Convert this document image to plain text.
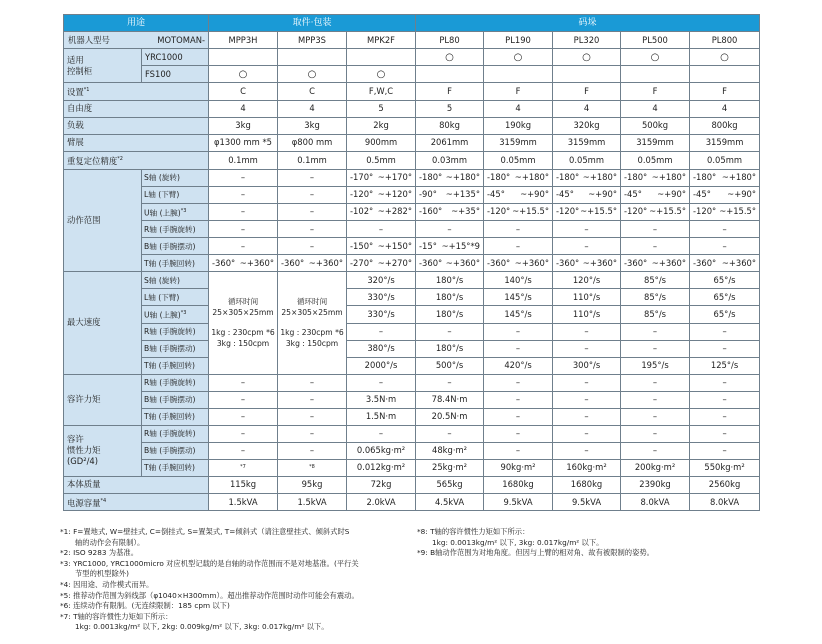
用途		取件·包装			码垛				

机器人型号 MOTOMAN-		MPP3H	MPP3S	MPK2F	PL80	PL190	PL320	PL500	PL800
适用
控制柜	YRC1000				○	○	○	○	○
	FS100	○	○	○					
设置$^{*1}$		C	C	F,W,C	F	F	F	F	F
自由度		4	4	5	5	4	4	4	4
负载		3kg	3kg	2kg	80kg	190kg	320kg	500kg	800kg
臂展		φ1300 mm *5	φ800 mm	900mm	2061mm	3159mm	3159mm	3159mm	3159mm
重复定位精度$^{*2}$		0.1mm	0.1mm	0.5mm	0.03mm	0.05mm	0.05mm	0.05mm	0.05mm
动作范围	S轴 (旋转)	–	–	-170° ~+170°	-180° ~+180°	-180° ~+180°	-180° ~+180°	-180° ~+180°	-180° ~+180°

	L轴 (下臂)	–	–	-120° ~+120°	-90° ~+135°	-45° ~+90°	-45° ~+90°	-45° ~+90°	-45° ~+90°

	U轴 (上腕)$^{*3}$	–	–	-102° ~+282°	-160° ~+35°	-120° ~+15.5°	-120° ~+15.5°	-120° ~+15.5°	-120° ~+15.5°

	R轴 (手腕旋转)	–	–	–	–	–	–	–	–
	B轴 (手腕摆动)	–	–	-150° ~+150°	-15° ~+15°*9	–	–	–	–
	T轴 (手腕回转)	-360° ~+360°	-360° ~+360°	-270° ~+270°	-360° ~+360°	-360° ~+360°	-360° ~+360°	-360° ~+360°	-360° ~+360°

最大速度	S轴 (旋转)	循环时间
25×305×25mm
1kg : 230cpm *6
3kg : 150cpm	循环时间
25×305×25mm
1kg : 230cpm *6
3kg : 150cpm	320°/s	180°/s	140°/s	120°/s	85°/s	65°/s
	L轴 (下臂)			330°/s	180°/s	145°/s	110°/s	85°/s	65°/s
	U轴 (上腕)$^{*3}$			330°/s	180°/s	145°/s	110°/s	85°/s	65°/s
	R轴 (手腕旋转)			–	–	–	–	–	–
	B轴 (手腕摆动)			380°/s	180°/s	–	–	–	–
	T轴 (手腕回转)			2000°/s	500°/s	420°/s	300°/s	195°/s	125°/s
容许力矩	R轴 (手腕旋转)	–	–	–	–	–	–	–	–
	B轴 (手腕摆动)	–	–	3.5N·m	78.4N·m	–	–	–	–
	T轴 (手腕回转)	–	–	1.5N·m	20.5N·m	–	–	–	–
容许
惯性力矩
(GD²/4)	R轴 (手腕旋转)	–	–	–	–	–	–	–	–
	B轴 (手腕摆动)	–	–	0.065kg·m²	48kg·m²	–	–	–	–
	T轴 (手腕回转)	*7	*8	0.012kg·m²	25kg·m²	90kg·m²	160kg·m²	200kg·m²	550kg·m²
本体质量		115kg	95kg	72kg	565kg	1680kg	1680kg	2390kg	2560kg
电源容量$^{*4}$		1.5kVA	1.5kVA	2.0kVA	4.5kVA	9.5kVA	9.5kVA	8.0kVA	8.0kVA
*1: F=置地式, W=壁挂式, C=倒挂式, S=置架式, T=倾斜式（请注意壁挂式、倾斜式时S
轴的动作会有限制）。
*2: ISO 9283 为基准。
*3: YRC1000, YRC1000micro 对应机型记载的是自轴的动作范围而不是对地基准。(平行关
节型的机型除外)
*4: 因用途、动作模式而异。
*5: 推荐动作范围为斜线部（φ1040×H300mm）。超出推荐动作范围时动作可能会有震动。
*6: 连续动作有限制。(无连续限制：185 cpm 以下)
*7: T轴的容许惯性力矩如下所示：
1kg: 0.0013kg/m² 以下, 2kg: 0.009kg/m² 以下, 3kg: 0.017kg/m² 以下。
*8: T轴的容许惯性力矩如下所示：
1kg: 0.0013kg/m² 以下, 3kg: 0.017kg/m² 以下。
*9: B轴动作范围为对地角度。但因与上臂的相对角、故有被限制的姿势。
